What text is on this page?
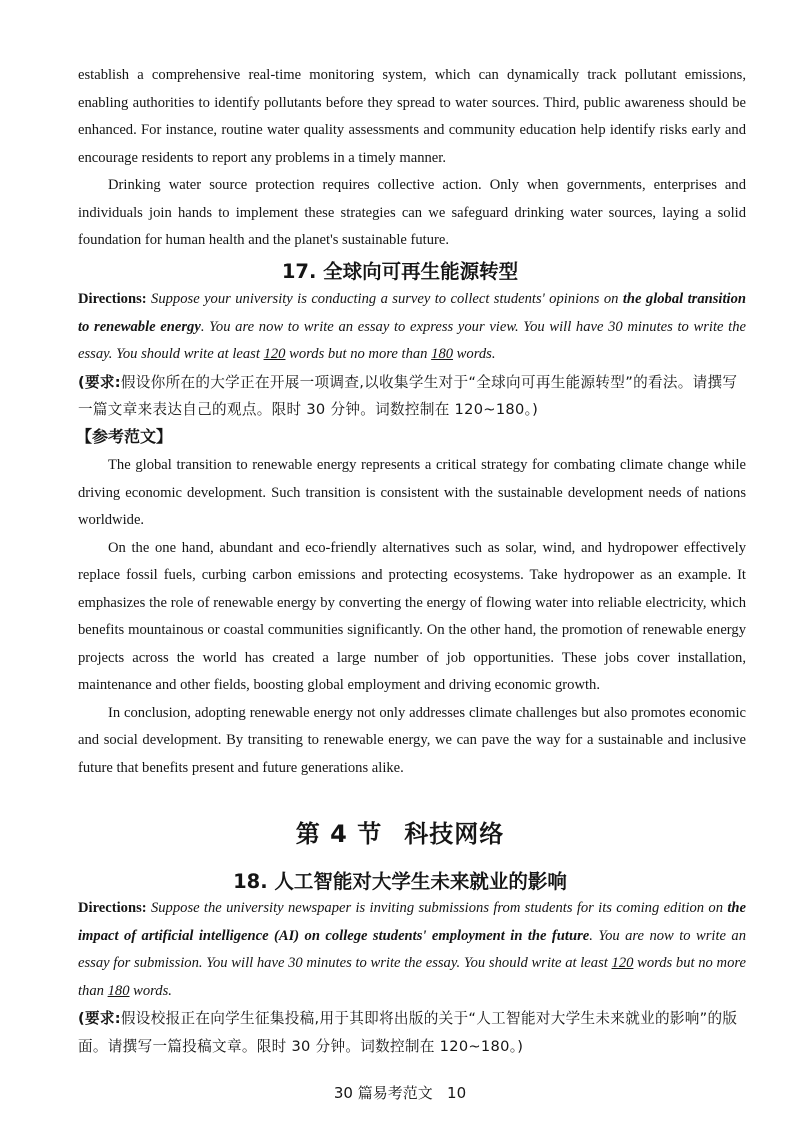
establish a comprehensive real-time monitoring system, which can dynamically track pollutant emissions, enabling authorities to identify pollutants before they spread to water sources. Third, public awareness should be enhanced. For instance, routine water quality assessments and community education help identify risks early and encourage residents to report any problems in a timely manner.

Drinking water source protection requires collective action. Only when governments, enterprises and individuals join hands to implement these strategies can we safeguard drinking water sources, laying a solid foundation for human health and the planet's sustainable future.

17. 全球向可再生能源转型

Directions: Suppose your university is conducting a survey to collect students' opinions on the global transition to renewable energy. You are now to write an essay to express your view. You will have 30 minutes to write the essay. You should write at least 120 words but no more than 180 words.

(要求:假设你所在的大学正在开展一项调查,以收集学生对于“全球向可再生能源转型”的看法。请撰写一篇文章来表达自己的观点。限时 30 分钟。词数控制在 120~180。)

【参考范文】

The global transition to renewable energy represents a critical strategy for combating climate change while driving economic development. Such transition is consistent with the sustainable development needs of nations worldwide.

On the one hand, abundant and eco-friendly alternatives such as solar, wind, and hydropower effectively replace fossil fuels, curbing carbon emissions and protecting ecosystems. Take hydropower as an example. It emphasizes the role of renewable energy by converting the energy of flowing water into reliable electricity, which benefits mountainous or coastal communities significantly. On the other hand, the promotion of renewable energy projects across the world has created a large number of job opportunities. These jobs cover installation, maintenance and other fields, boosting global employment and driving economic growth.

In conclusion, adopting renewable energy not only addresses climate challenges but also promotes economic and social development. By transiting to renewable energy, we can pave the way for a sustainable and inclusive future that benefits present and future generations alike.

第 4 节 科技网络
18. 人工智能对大学生未来就业的影响

Directions: Suppose the university newspaper is inviting submissions from students for its coming edition on the impact of artificial intelligence (AI) on college students' employment in the future. You are now to write an essay for submission. You will have 30 minutes to write the essay. You should write at least 120 words but no more than 180 words.

(要求:假设校报正在向学生征集投稿,用于其即将出版的关于“人工智能对大学生未来就业的影响”的版面。请撰写一篇投稿文章。限时 30 分钟。词数控制在 120~180。)

30 篇易考范文 10
